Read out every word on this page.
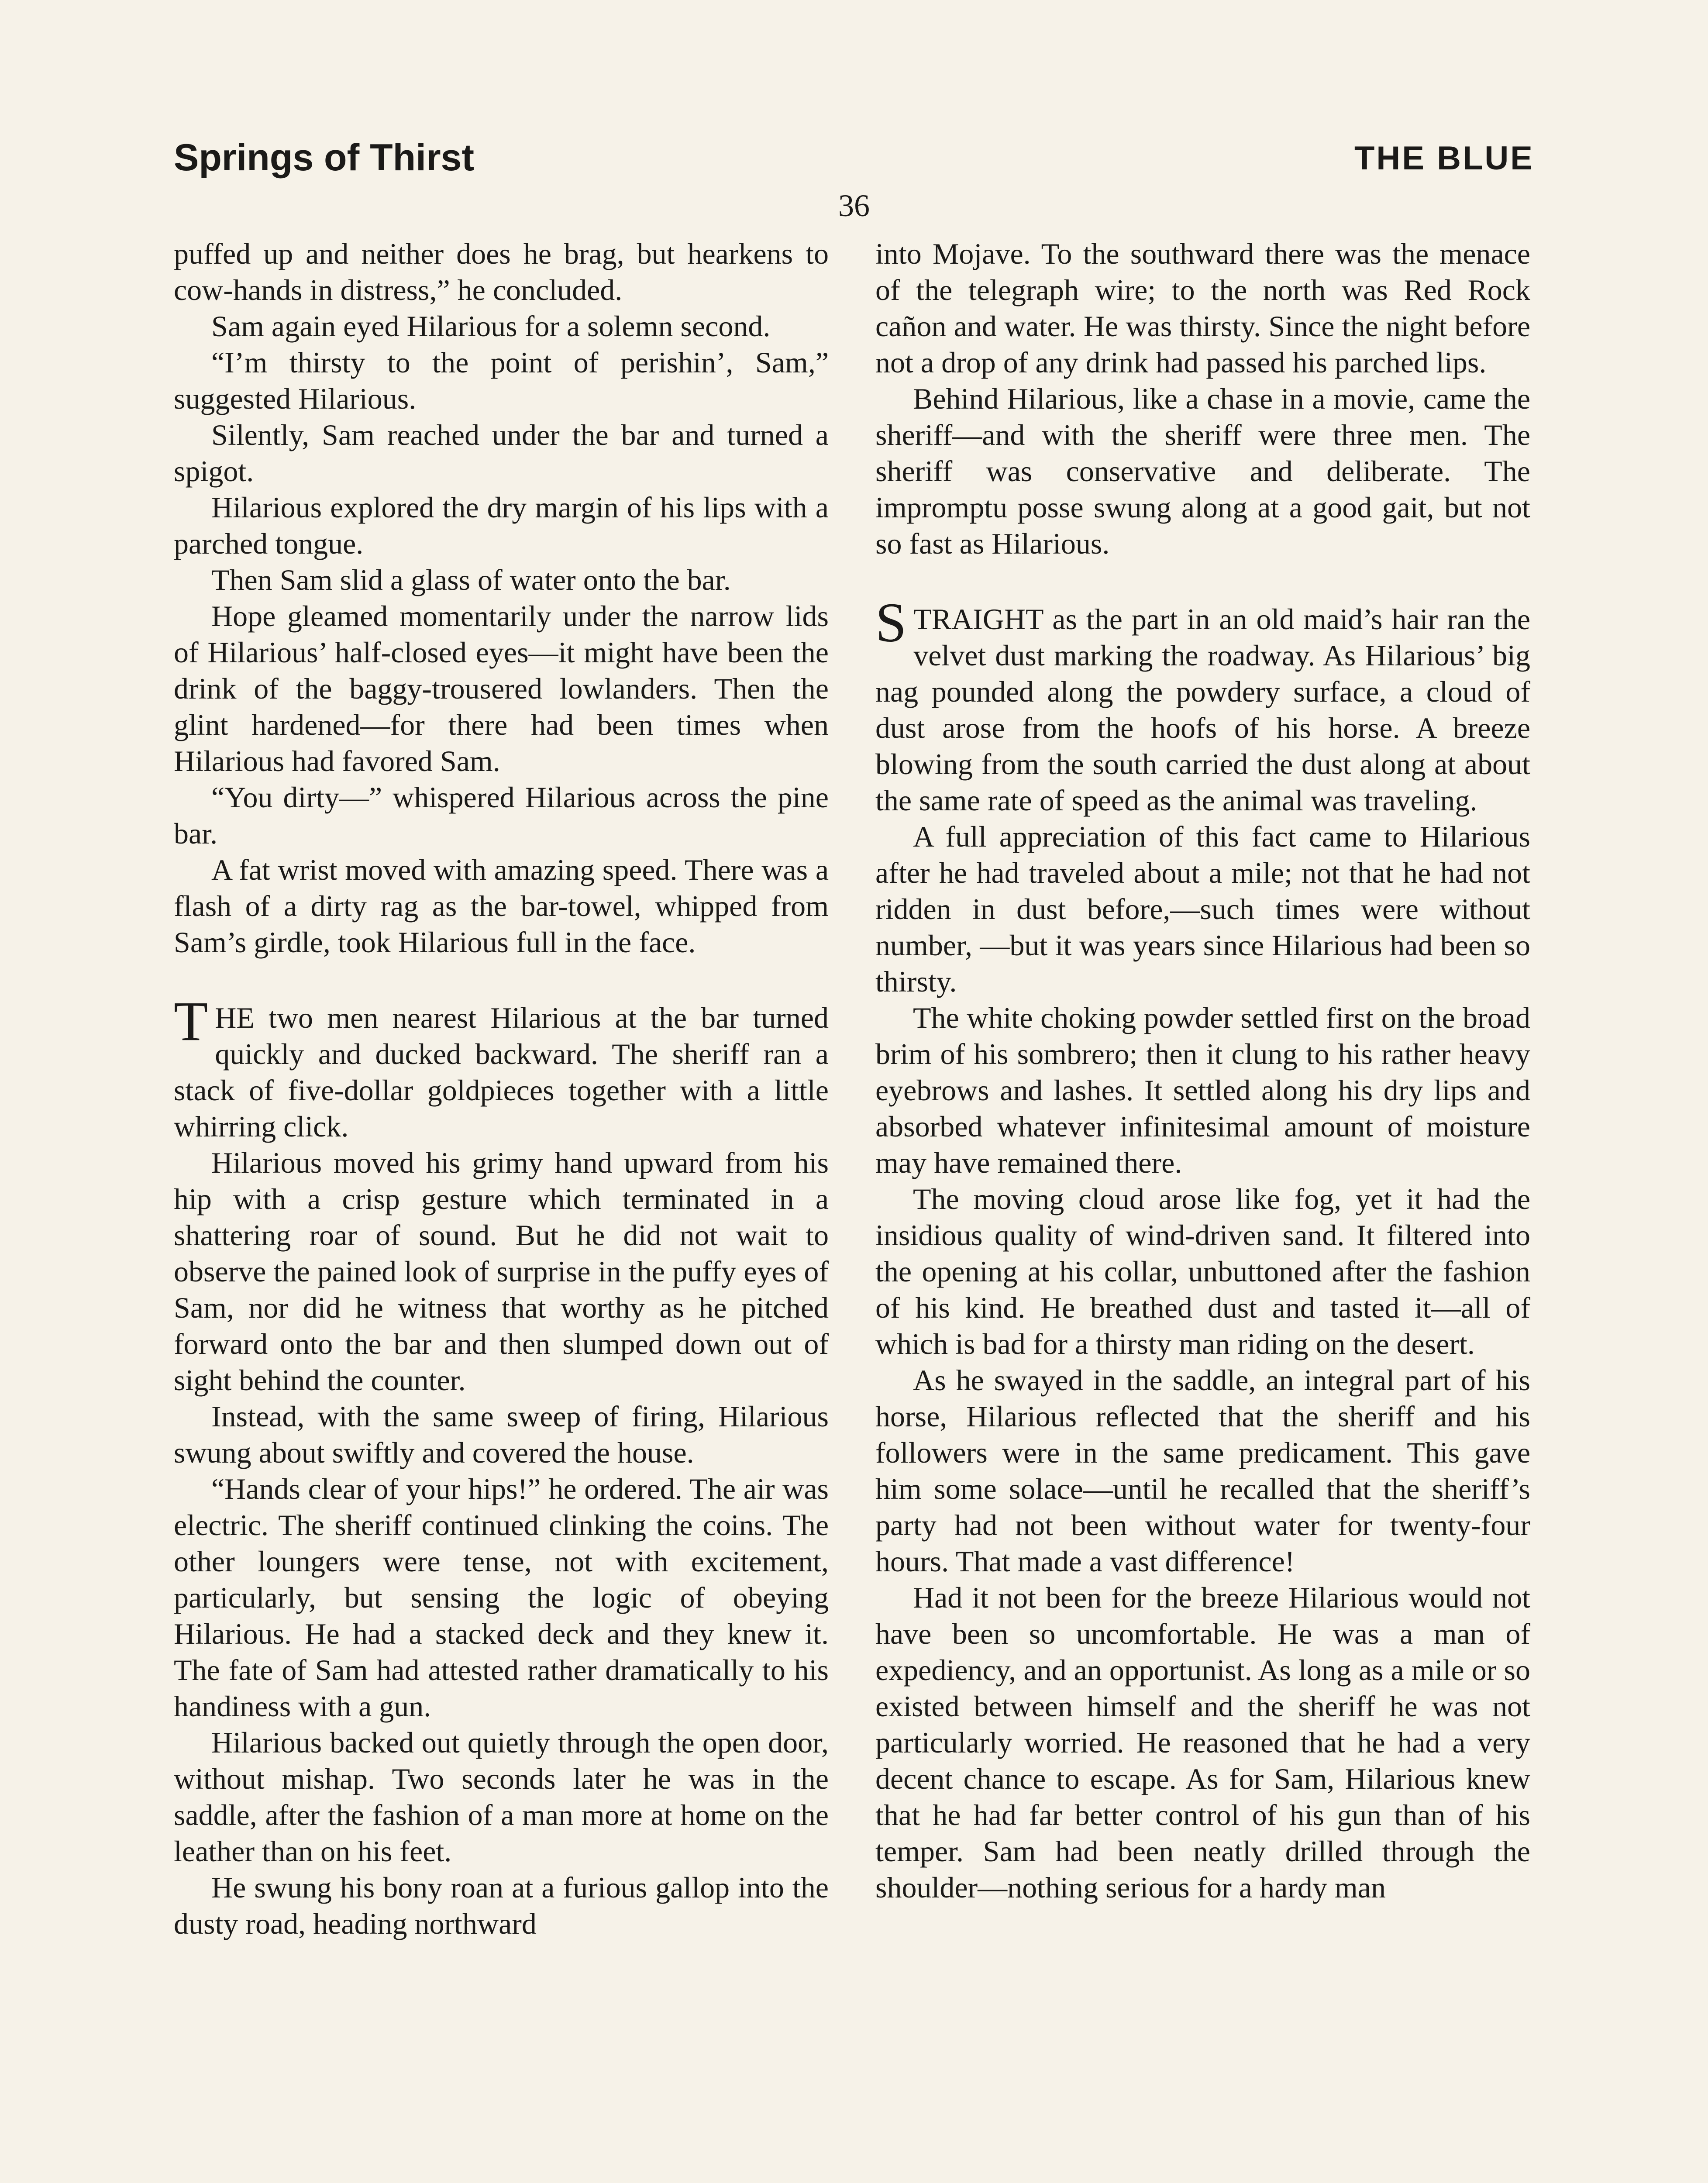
Springs of Thirst	THE BLUE
36

puffed up and neither does he brag, but hearkens to cow-hands in distress,” he concluded.

Sam again eyed Hilarious for a solemn second.

“I’m thirsty to the point of perishin’, Sam,” suggested Hilarious.

Silently, Sam reached under the bar and turned a spigot.

Hilarious explored the dry margin of his lips with a parched tongue.

Then Sam slid a glass of water onto the bar.

Hope gleamed momentarily under the narrow lids of Hilarious’ half-closed eyes—it might have been the drink of the baggy-trousered lowlanders. Then the glint hardened—for there had been times when Hilarious had favored Sam.

“You dirty—” whispered Hilarious across the pine bar.

A fat wrist moved with amazing speed. There was a flash of a dirty rag as the bar-towel, whipped from Sam’s girdle, took Hilarious full in the face.

THE two men nearest Hilarious at the bar turned quickly and ducked backward. The sheriff ran a stack of five-dollar goldpieces together with a little whirring click.

Hilarious moved his grimy hand upward from his hip with a crisp gesture which terminated in a shattering roar of sound. But he did not wait to observe the pained look of surprise in the puffy eyes of Sam, nor did he witness that worthy as he pitched forward onto the bar and then slumped down out of sight behind the counter.

Instead, with the same sweep of firing, Hilarious swung about swiftly and covered the house.

“Hands clear of your hips!” he ordered. The air was electric. The sheriff continued clinking the coins. The other loungers were tense, not with excitement, particularly, but sensing the logic of obeying Hilarious. He had a stacked deck and they knew it. The fate of Sam had attested rather dramatically to his handiness with a gun.

Hilarious backed out quietly through the open door, without mishap. Two seconds later he was in the saddle, after the fashion of a man more at home on the leather than on his feet.

He swung his bony roan at a furious gallop into the dusty road, heading northward

into Mojave. To the southward there was the menace of the telegraph wire; to the north was Red Rock cañon and water. He was thirsty. Since the night before not a drop of any drink had passed his parched lips.

Behind Hilarious, like a chase in a movie, came the sheriff—and with the sheriff were three men. The sheriff was conservative and deliberate. The impromptu posse swung along at a good gait, but not so fast as Hilarious.

STRAIGHT as the part in an old maid’s hair ran the velvet dust marking the roadway. As Hilarious’ big nag pounded along the powdery surface, a cloud of dust arose from the hoofs of his horse. A breeze blowing from the south carried the dust along at about the same rate of speed as the animal was traveling.

A full appreciation of this fact came to Hilarious after he had traveled about a mile; not that he had not ridden in dust before,—such times were without number, —but it was years since Hilarious had been so thirsty.

The white choking powder settled first on the broad brim of his sombrero; then it clung to his rather heavy eyebrows and lashes. It settled along his dry lips and absorbed whatever infinitesimal amount of moisture may have remained there.

The moving cloud arose like fog, yet it had the insidious quality of wind-driven sand. It filtered into the opening at his collar, unbuttoned after the fashion of his kind. He breathed dust and tasted it—all of which is bad for a thirsty man riding on the desert.

As he swayed in the saddle, an integral part of his horse, Hilarious reflected that the sheriff and his followers were in the same predicament. This gave him some solace—until he recalled that the sheriff’s party had not been without water for twenty-four hours. That made a vast difference!

Had it not been for the breeze Hilarious would not have been so uncomfortable. He was a man of expediency, and an opportunist. As long as a mile or so existed between himself and the sheriff he was not particularly worried. He reasoned that he had a very decent chance to escape. As for Sam, Hilarious knew that he had far better control of his gun than of his temper. Sam had been neatly drilled through the shoulder—nothing serious for a hardy man
